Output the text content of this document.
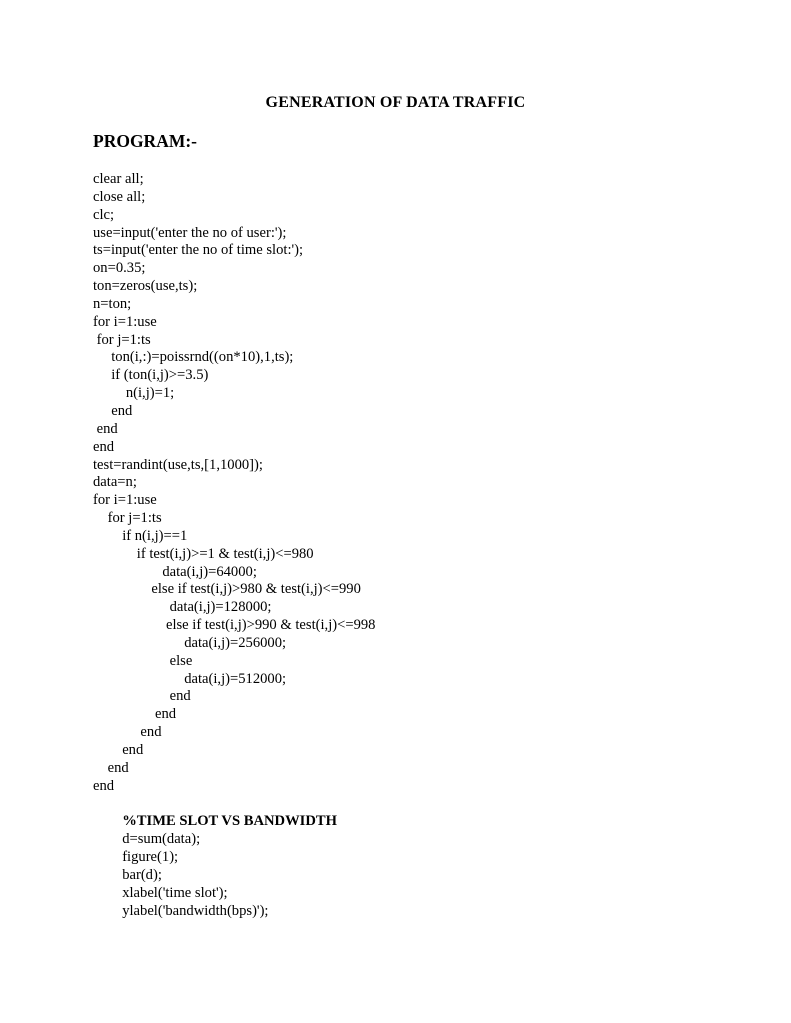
GENERATION OF DATA TRAFFIC
PROGRAM:-
clear all;
close all;
clc;
use=input('enter the no of user:');
ts=input('enter the no of time slot:');
on=0.35;
ton=zeros(use,ts);
n=ton;
for i=1:use
for j=1:ts
ton(i,:)=poissrnd((on*10),1,ts);
if (ton(i,j)>=3.5)
n(i,j)=1;
end
end
end
test=randint(use,ts,[1,1000]);
data=n;
for i=1:use
for j=1:ts
if n(i,j)==1
if test(i,j)>=1 & test(i,j)<=980
data(i,j)=64000;
else if test(i,j)>980 & test(i,j)<=990
data(i,j)=128000;
else if test(i,j)>990 & test(i,j)<=998
data(i,j)=256000;
else
data(i,j)=512000;
end
end
end
end
end
end

%TIME SLOT VS BANDWIDTH
d=sum(data);
figure(1);
bar(d);
xlabel('time slot');
ylabel('bandwidth(bps)');
